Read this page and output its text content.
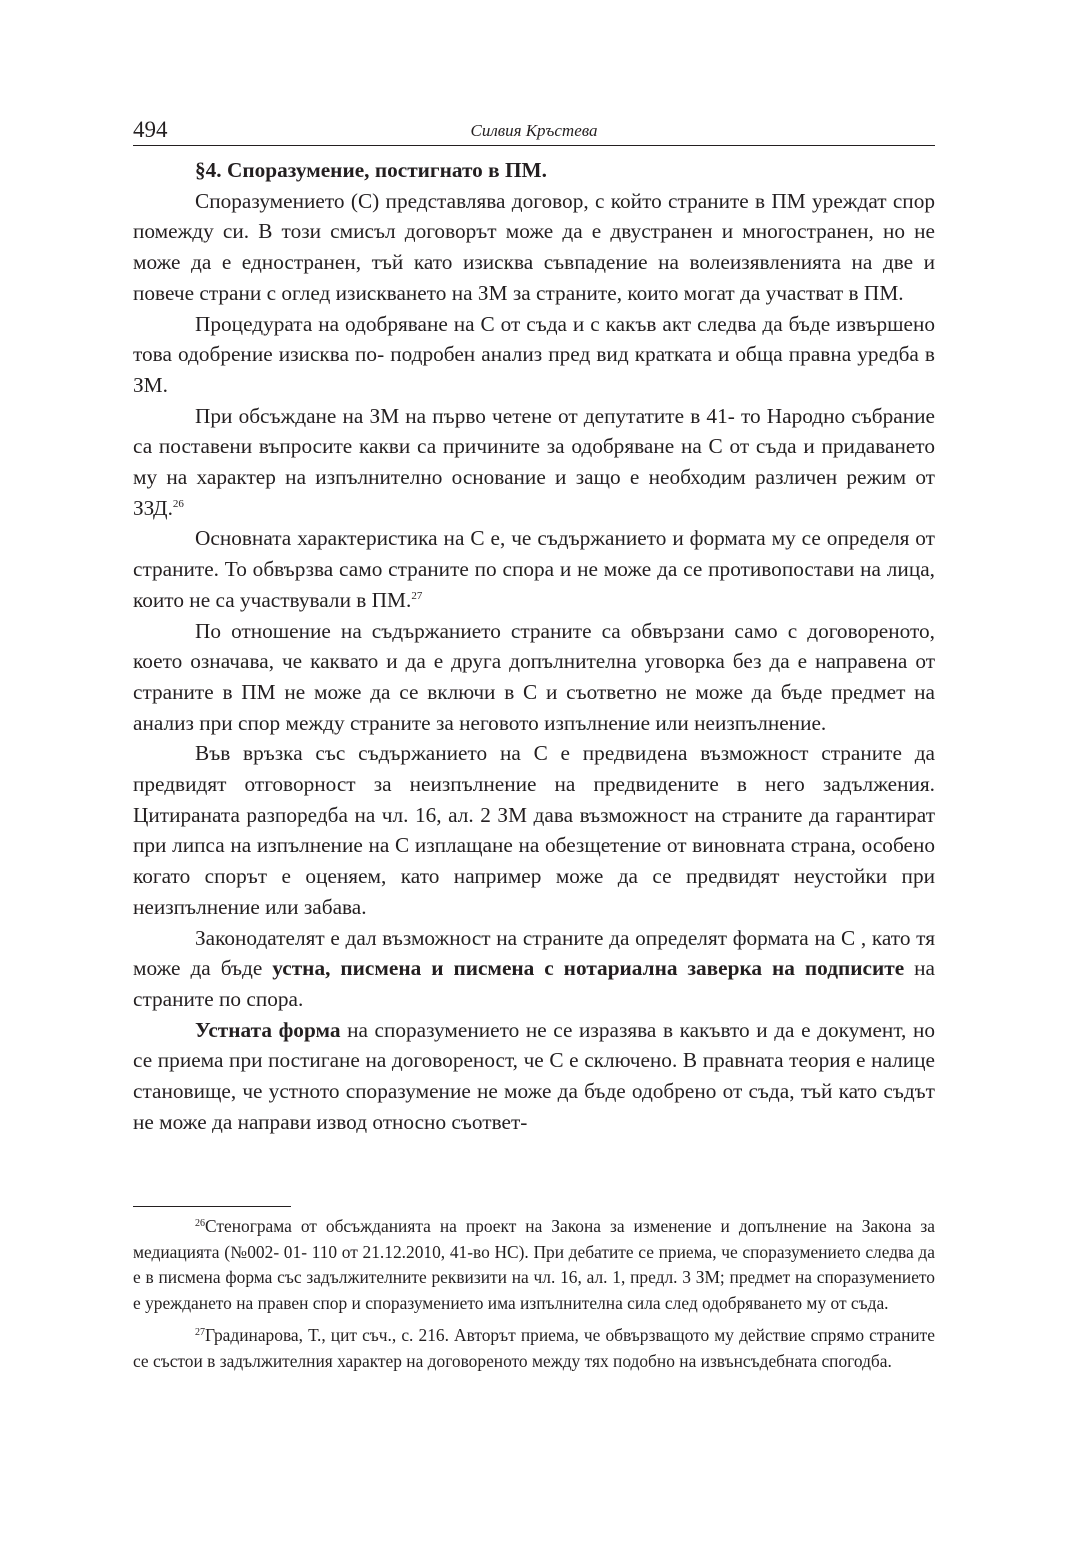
494	Силвия Кръстева

§4. Споразумение, постигнато в ПМ.

Споразумението (С) представлява договор, с който страните в ПМ уреждат спор помежду си. В този смисъл договорът може да е двустранен и многостранен, но не може да е едностранен, тъй като изисква съвпадение на волеизявленията на две и повече страни с оглед изискването на ЗМ за страните, които могат да участват в ПМ.

Процедурата на одобряване на С от съда и с какъв акт следва да бъде извършено това одобрение изисква по- подробен анализ пред вид кратката и обща правна уредба в ЗМ.

При обсъждане на ЗМ на първо четене от депутатите в 41- то Народно събрание са поставени въпросите какви са причините за одобряване на С от съда и придаването му на характер на изпълнително основание и защо е необходим различен режим от ЗЗД.$^{26}$

Основната характеристика на С е, че съдържанието и формата му се определя от страните. То обвързва само страните по спора и не може да се противопостави на лица, които не са участвували в ПМ.$^{27}$

По отношение на съдържанието страните са обвързани само с договореното, което означава, че каквато и да е друга допълнителна уговорка без да е направена от страните в ПМ не може да се включи в С и съответно не може да бъде предмет на анализ при спор между страните за неговото изпълнение или неизпълнение.

Във връзка със съдържанието на С е предвидена възможност страните да предвидят отговорност за неизпълнение на предвидените в него задължения. Цитираната разпоредба на чл. 16, ал. 2 ЗМ дава възможност на страните да гарантират при липса на изпълнение на С изплащане на обезщетение от виновната страна, особено когато спорът е оценяем, като например може да се предвидят неустойки при неизпълнение или забава.

Законодателят е дал възможност на страните да определят формата на С , като тя може да бъде устна, писмена и писмена с нотариална заверка на подписите на страните по спора.

Устната форма на споразумението не се изразява в какъвто и да е документ, но се приема при постигане на договореност, че С е сключено. В правната теория е налице становище, че устното споразумение не може да бъде одобрено от съда, тъй като съдът не може да направи извод относно съответ-

$^{26}$Стенограма от обсъжданията на проект на Закона за изменение и допълнение на Закона за медиацията (№002- 01- 110 от 21.12.2010, 41-во НС). При дебатите се приема, че споразумението следва да е в писмена форма със задължителните реквизити на чл. 16, ал. 1, предл. 3 ЗМ; предмет на споразумението е уреждането на правен спор и споразумението има изпълнителна сила след одобряването му от съда.

$^{27}$Градинарова, Т., цит съч., с. 216. Авторът приема, че обвързващото му действие спрямо страните се състои в задължителния характер на договореното между тях подобно на извънсъдебната спогодба.
